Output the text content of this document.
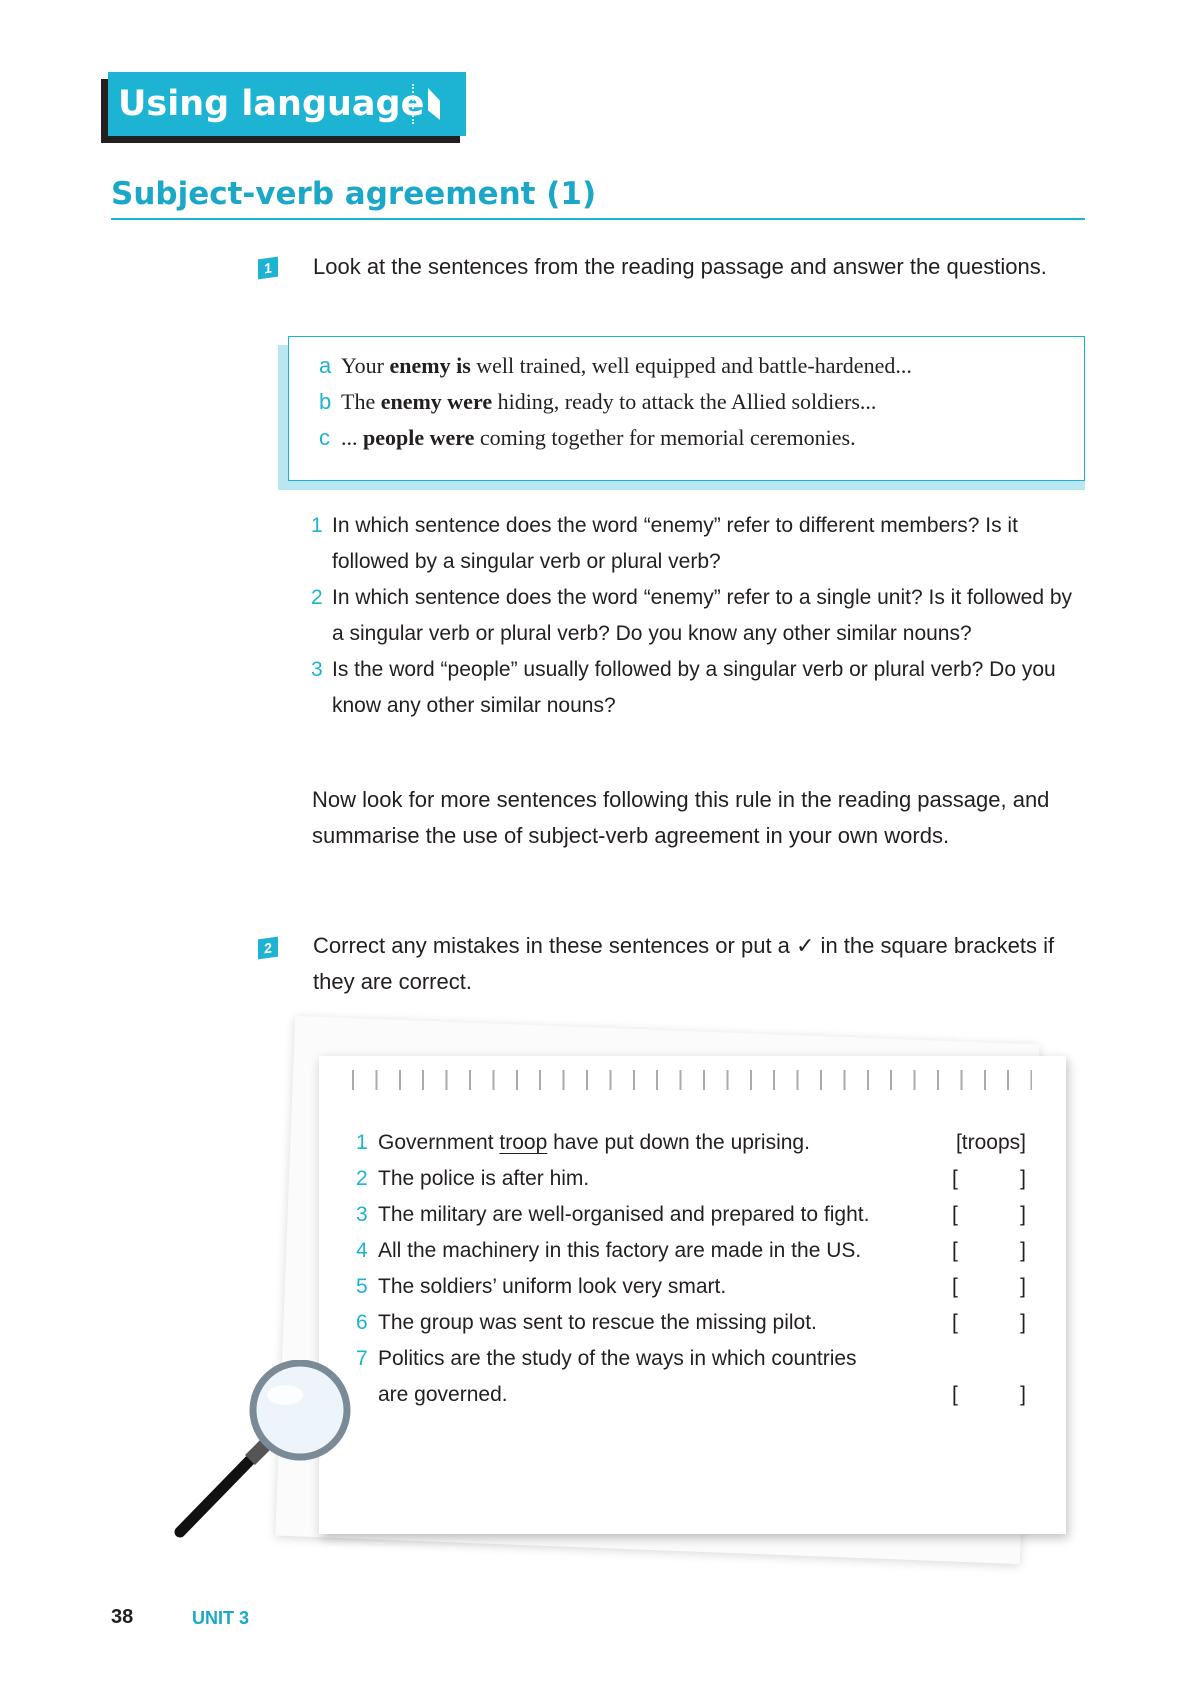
Using language
Subject-verb agreement (1)
1 Look at the sentences from the reading passage and answer the questions.
1 In which sentence does the word “enemy” refer to different members? Is it followed by a singular verb or plural verb?
2 In which sentence does the word “enemy” refer to a single unit? Is it followed by a singular verb or plural verb? Do you know any other similar nouns?
3 Is the word “people” usually followed by a singular verb or plural verb? Do you know any other similar nouns?
Now look for more sentences following this rule in the reading passage, and summarise the use of subject-verb agreement in your own words.
2 Correct any mistakes in these sentences or put a ✓ in the square brackets if they are correct.
38	UNIT 3
a Your enemy is well trained, well equipped and battle-hardened...
b The enemy were hiding, ready to attack the Allied soldiers...
c ... people were coming together for memorial ceremonies.
1 Government troop have put down the uprising.	[troops]
2 The police is after him.	[	]
3 The military are well-organised and prepared to fight.	[	]
4 All the machinery in this factory are made in the US.	[	]
5 The soldiers’ uniform look very smart.	[	]
6 The group was sent to rescue the missing pilot.	[	]
7 Politics are the study of the ways in which countries
are governed.	[	]
